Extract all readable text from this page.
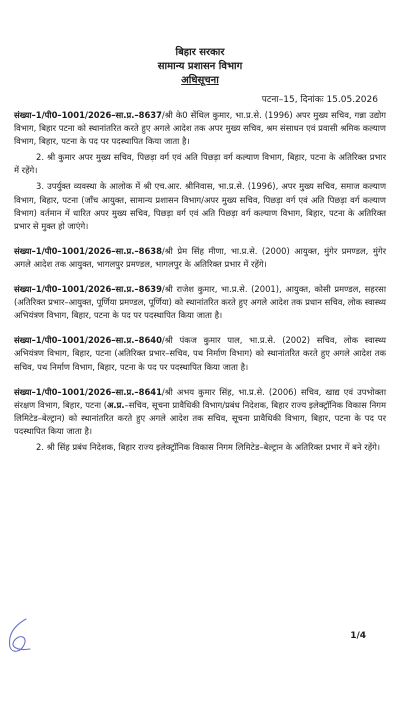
बिहार सरकार
सामान्य प्रशासन विभाग
अधिसूचना
पटना–15, दिनांकः 15.05.2026

संख्या–1/पी0–1001/2026–सा.प्र.–8637/श्री के0 सेंथिल कुमार, भा.प्र.से. (1996) अपर मुख्य सचिव, गन्ना उद्योग विभाग, बिहार पटना को स्थानांतरित करते हुए अगले आदेश तक अपर मुख्य सचिव, श्रम संसाधन एवं प्रवासी श्रमिक कल्याण विभाग, बिहार, पटना के पद पर पदस्थापित किया जाता है।

2. श्री कुमार अपर मुख्य सचिव, पिछड़ा वर्ग एवं अति पिछड़ा वर्ग कल्याण विभाग, बिहार, पटना के अतिरिक्त प्रभार में रहेंगे।

3. उपर्युक्त व्यवस्था के आलोक में श्री एच.आर. श्रीनिवास, भा.प्र.से. (1996), अपर मुख्य सचिव, समाज कल्याण विभाग, बिहार, पटना (जाँच आयुक्त, सामान्य प्रशासन विभाग/अपर मुख्य सचिव, पिछड़ा वर्ग एवं अति पिछड़ा वर्ग कल्याण विभाग) वर्तमान में धारित अपर मुख्य सचिव, पिछड़ा वर्ग एवं अति पिछड़ा वर्ग कल्याण विभाग, बिहार, पटना के अतिरिक्त प्रभार से मुक्त हो जाएंगे।

संख्या–1/पी0–1001/2026–सा.प्र.–8638/श्री प्रेम सिंह मीणा, भा.प्र.से. (2000) आयुक्त, मुंगेर प्रमण्डल, मुंगेर अगले आदेश तक आयुक्त, भागलपुर प्रमण्डल, भागलपुर के अतिरिक्त प्रभार में रहेंगे।

संख्या–1/पी0–1001/2026–सा.प्र.–8639/श्री राजेश कुमार, भा.प्र.से. (2001), आयुक्त, कोसी प्रमण्डल, सहरसा (अतिरिक्त प्रभार–आयुक्त, पूर्णिया प्रमण्डल, पूर्णिया) को स्थानांतरित करते हुए अगले आदेश तक प्रधान सचिव, लोक स्वास्थ्य अभियंत्रण विभाग, बिहार, पटना के पद पर पदस्थापित किया जाता है।

संख्या–1/पी0–1001/2026–सा.प्र.–8640/श्री पंकज कुमार पाल, भा.प्र.से. (2002) सचिव, लोक स्वास्थ्य अभियंत्रण विभाग, बिहार, पटना (अतिरिक्त प्रभार–सचिव, पथ निर्माण विभाग) को स्थानांतरित करते हुए अगले आदेश तक सचिव, पथ निर्माण विभाग, बिहार, पटना के पद पर पदस्थापित किया जाता है।

संख्या–1/पी0–1001/2026–सा.प्र.–8641/श्री अभय कुमार सिंह, भा.प्र.से. (2006) सचिव, खाद्य एवं उपभोक्ता संरक्षण विभाग, बिहार, पटना (अ.प्र.–सचिव, सूचना प्रावैधिकी विभाग/प्रबंध निदेशक, बिहार राज्य इलेक्ट्रॉनिक विकास निगम लिमिटेड–बेल्ट्रान) को स्थानांतरित करते हुए अगले आदेश तक सचिव, सूचना प्रावैधिकी विभाग, बिहार, पटना के पद पर पदस्थापित किया जाता है।

2. श्री सिंह प्रबंध निदेशक, बिहार राज्य इलेक्ट्रॉनिक विकास निगम लिमिटेड–बेल्ट्रान के अतिरिक्त प्रभार में बने रहेंगे।

1/4
